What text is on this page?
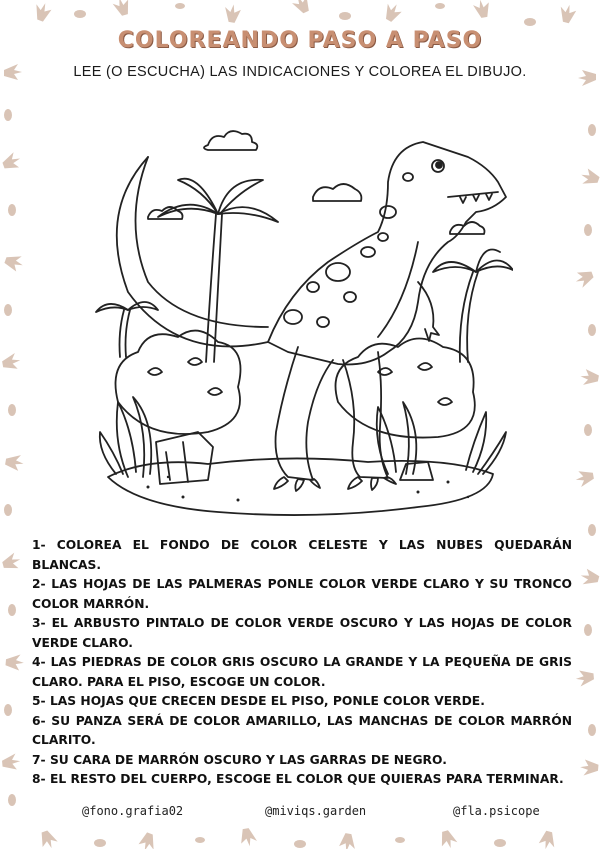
COLOREANDO PASO A PASO

LEE (O ESCUCHA) LAS INDICACIONES Y COLOREA EL DIBUJO.

1- COLOREA EL FONDO DE COLOR CELESTE Y LAS NUBES QUEDARÁN BLANCAS.
2- LAS HOJAS DE LAS PALMERAS PONLE COLOR VERDE CLARO Y SU TRONCO COLOR MARRÓN.
3- EL ARBUSTO PINTALO DE COLOR VERDE OSCURO Y LAS HOJAS DE COLOR VERDE CLARO.
4- LAS PIEDRAS DE COLOR GRIS OSCURO LA GRANDE Y LA PEQUEÑA DE GRIS CLARO. PARA EL PISO, ESCOGE UN COLOR.
5- LAS HOJAS QUE CRECEN DESDE EL PISO, PONLE COLOR VERDE.
6- SU PANZA SERÁ DE COLOR AMARILLO, LAS MANCHAS DE COLOR MARRÓN CLARITO.
7- SU CARA DE MARRÓN OSCURO Y LAS GARRAS DE NEGRO.
8- EL RESTO DEL CUERPO, ESCOGE EL COLOR QUE QUIERAS PARA TERMINAR.
@fono.grafia02	@miviqs.garden	@fla.psicope
